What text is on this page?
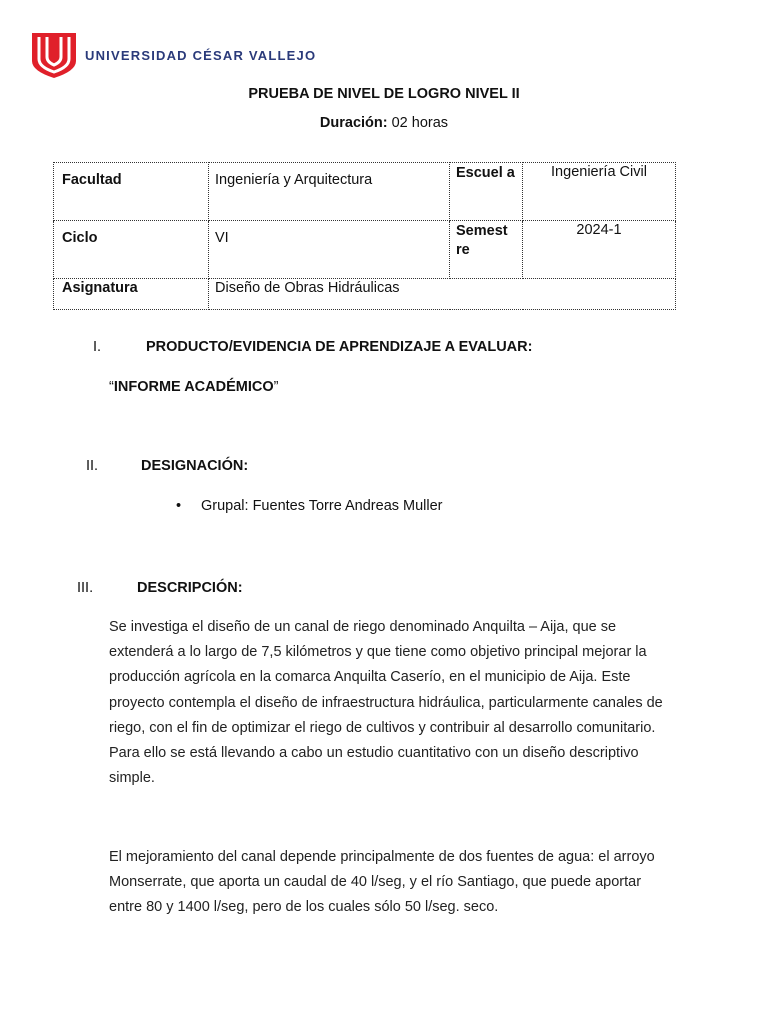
UNIVERSIDAD CÉSAR VALLEJO
PRUEBA DE NIVEL DE LOGRO NIVEL II
Duración: 02 horas
Facultad	Ingeniería y Arquitectura	Escuel a	Ingeniería Civil
Ciclo	VI	Semest re	2024-1
Asignatura	Diseño de Obras Hidráulicas		
I.	PRODUCTO/EVIDENCIA DE APRENDIZAJE A EVALUAR:
“INFORME ACADÉMICO”
II.	DESIGNACIÓN:
•	Grupal: Fuentes Torre Andreas Muller
III.	DESCRIPCIÓN:
Se investiga el diseño de un canal de riego denominado Anquilta – Aija, que se extenderá a lo largo de 7,5 kilómetros y que tiene como objetivo principal mejorar la producción agrícola en la comarca Anquilta Caserío, en el municipio de Aija. Este proyecto contempla el diseño de infraestructura hidráulica, particularmente canales de riego, con el fin de optimizar el riego de cultivos y contribuir al desarrollo comunitario. Para ello se está llevando a cabo un estudio cuantitativo con un diseño descriptivo simple.
El mejoramiento del canal depende principalmente de dos fuentes de agua: el arroyo Monserrate, que aporta un caudal de 40 l/seg, y el río Santiago, que puede aportar entre 80 y 1400 l/seg, pero de los cuales sólo 50 l/seg. seco.
